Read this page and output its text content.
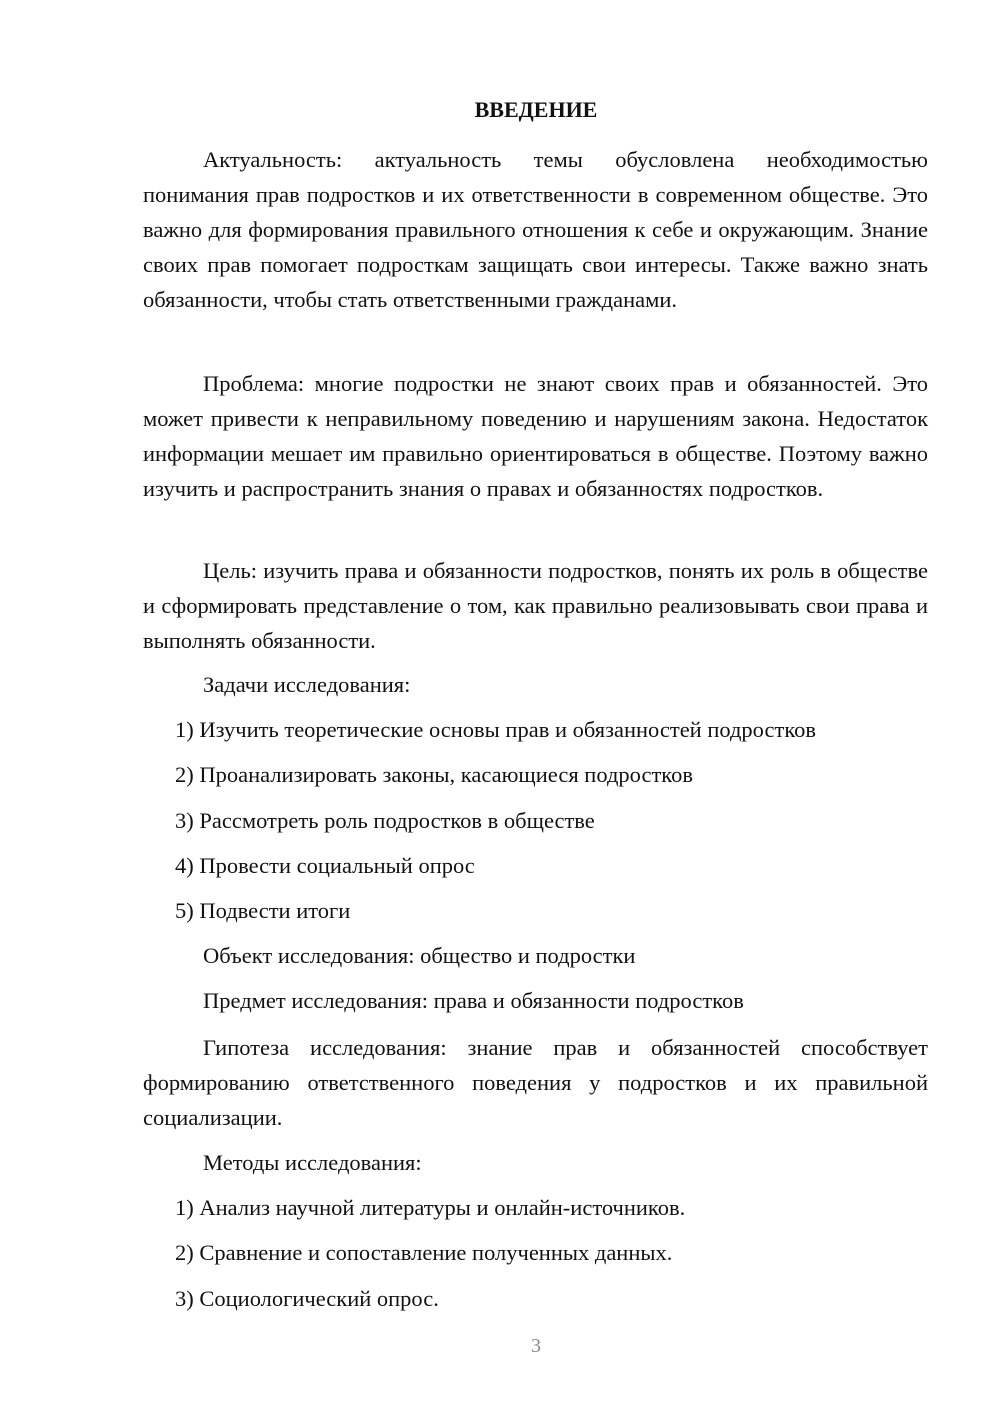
ВВЕДЕНИЕ

Актуальность: актуальность темы обусловлена необходимостью понимания прав подростков и их ответственности в современном обществе. Это важно для формирования правильного отношения к себе и окружающим. Знание своих прав помогает подросткам защищать свои интересы. Также важно знать обязанности, чтобы стать ответственными гражданами.

Проблема: многие подростки не знают своих прав и обязанностей. Это может привести к неправильному поведению и нарушениям закона. Недостаток информации мешает им правильно ориентироваться в обществе. Поэтому важно изучить и распространить знания о правах и обязанностях подростков.

Цель: изучить права и обязанности подростков, понять их роль в обществе и сформировать представление о том, как правильно реализовывать свои права и выполнять обязанности.

Задачи исследования:

1) Изучить теоретические основы прав и обязанностей подростков

2) Проанализировать законы, касающиеся подростков

3) Рассмотреть роль подростков в обществе

4) Провести социальный опрос

5) Подвести итоги

Объект исследования: общество и подростки

Предмет исследования: права и обязанности подростков

Гипотеза исследования: знание прав и обязанностей способствует формированию ответственного поведения у подростков и их правильной социализации.

Методы исследования:

1) Анализ научной литературы и онлайн-источников.

2) Сравнение и сопоставление полученных данных.

3) Социологический опрос.

3
